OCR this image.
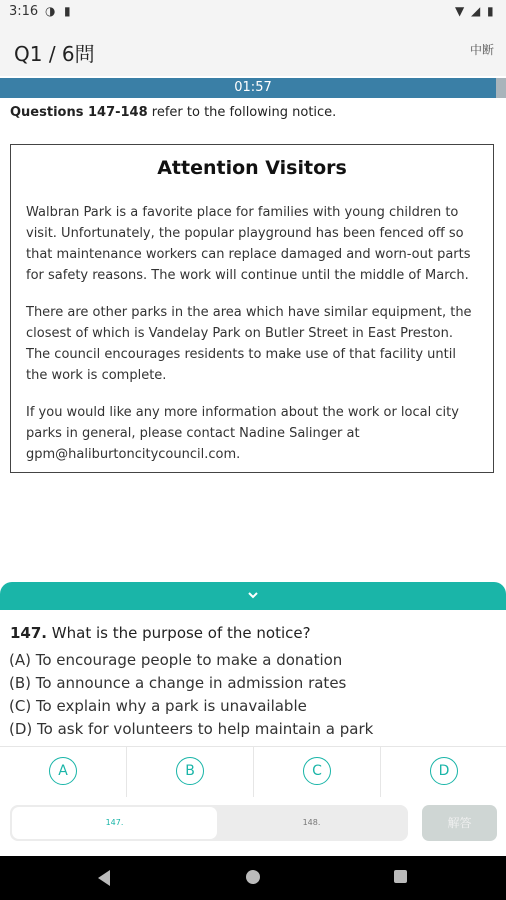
3:16 ◑ ▮	▼ ◢ ▮
Q1 / 6問	中断
01:57
Questions 147-148 refer to the following notice.
Attention Visitors

Walbran Park is a favorite place for families with young children to visit. Unfortunately, the popular playground has been fenced off so that maintenance workers can replace damaged and worn-out parts for safety reasons. The work will continue until the middle of March.

There are other parks in the area which have similar equipment, the closest of which is Vandelay Park on Butler Street in East Preston. The council encourages residents to make use of that facility until the work is complete.

If you would like any more information about the work or local city parks in general, please contact Nadine Salinger at gpm@haliburtoncitycouncil.com.

147. What is the purpose of the notice?
(A) To encourage people to make a donation
(B) To announce a change in admission rates
(C) To explain why a park is unavailable
(D) To ask for volunteers to help maintain a park
A	B	C	D
147.	148.	解答
